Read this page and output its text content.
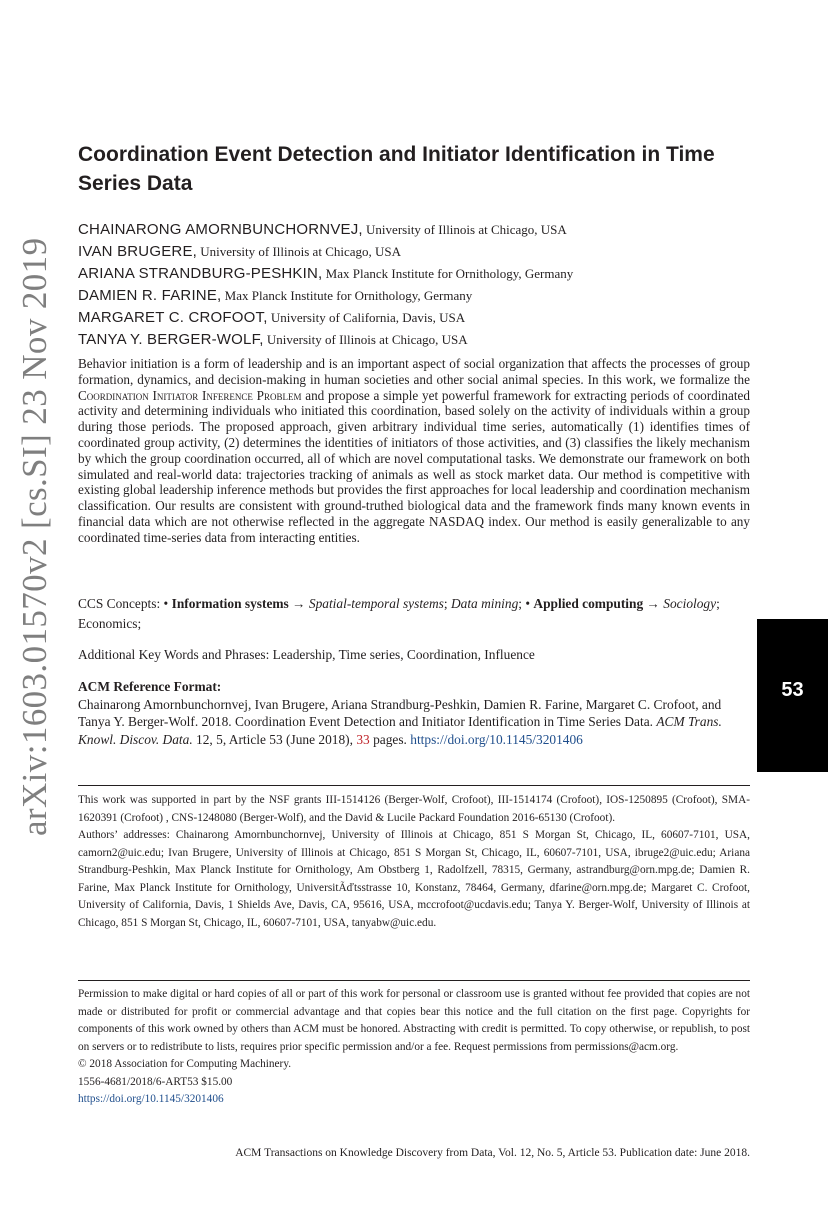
arXiv:1603.01570v2 [cs.SI] 23 Nov 2019	53
Coordination Event Detection and Initiator Identification in Time Series Data
CHAINARONG AMORNBUNCHORNVEJ, University of Illinois at Chicago, USA
IVAN BRUGERE, University of Illinois at Chicago, USA
ARIANA STRANDBURG-PESHKIN, Max Planck Institute for Ornithology, Germany
DAMIEN R. FARINE, Max Planck Institute for Ornithology, Germany
MARGARET C. CROFOOT, University of California, Davis, USA
TANYA Y. BERGER-WOLF, University of Illinois at Chicago, USA

Behavior initiation is a form of leadership and is an important aspect of social organization that affects the processes of group formation, dynamics, and decision-making in human societies and other social animal species. In this work, we formalize the Coordination Initiator Inference Problem and propose a simple yet powerful framework for extracting periods of coordinated activity and determining individuals who initiated this coordination, based solely on the activity of individuals within a group during those periods. The proposed approach, given arbitrary individual time series, automatically (1) identifies times of coordinated group activity, (2) determines the identities of initiators of those activities, and (3) classifies the likely mechanism by which the group coordination occurred, all of which are novel computational tasks. We demonstrate our framework on both simulated and real-world data: trajectories tracking of animals as well as stock market data. Our method is competitive with existing global leadership inference methods but provides the first approaches for local leadership and coordination mechanism classification. Our results are consistent with ground-truthed biological data and the framework finds many known events in financial data which are not otherwise reflected in the aggregate NASDAQ index. Our method is easily generalizable to any coordinated time-series data from interacting entities.

CCS Concepts: • Information systems → Spatial-temporal systems; Data mining; • Applied computing → Sociology; Economics;

Additional Key Words and Phrases: Leadership, Time series, Coordination, Influence

ACM Reference Format:
Chainarong Amornbunchornvej, Ivan Brugere, Ariana Strandburg-Peshkin, Damien R. Farine, Margaret C. Crofoot, and Tanya Y. Berger-Wolf. 2018. Coordination Event Detection and Initiator Identification in Time Series Data. ACM Trans. Knowl. Discov. Data. 12, 5, Article 53 (June 2018), 33 pages. https://doi.org/10.1145/3201406

This work was supported in part by the NSF grants III-1514126 (Berger-Wolf, Crofoot), III-1514174 (Crofoot), IOS-1250895 (Crofoot), SMA-1620391 (Crofoot) , CNS-1248080 (Berger-Wolf), and the David & Lucile Packard Foundation 2016-65130 (Crofoot).

Authors’ addresses: Chainarong Amornbunchornvej, University of Illinois at Chicago, 851 S Morgan St, Chicago, IL, 60607-7101, USA, camorn2@uic.edu; Ivan Brugere, University of Illinois at Chicago, 851 S Morgan St, Chicago, IL, 60607-7101, USA, ibruge2@uic.edu; Ariana Strandburg-Peshkin, Max Planck Institute for Ornithology, Am Obstberg 1, Radolfzell, 78315, Germany, astrandburg@orn.mpg.de; Damien R. Farine, Max Planck Institute for Ornithology, UniversitÃďtsstrasse 10, Konstanz, 78464, Germany, dfarine@orn.mpg.de; Margaret C. Crofoot, University of California, Davis, 1 Shields Ave, Davis, CA, 95616, USA, mccrofoot@ucdavis.edu; Tanya Y. Berger-Wolf, University of Illinois at Chicago, 851 S Morgan St, Chicago, IL, 60607-7101, USA, tanyabw@uic.edu.

Permission to make digital or hard copies of all or part of this work for personal or classroom use is granted without fee provided that copies are not made or distributed for profit or commercial advantage and that copies bear this notice and the full citation on the first page. Copyrights for components of this work owned by others than ACM must be honored. Abstracting with credit is permitted. To copy otherwise, or republish, to post on servers or to redistribute to lists, requires prior specific permission and/or a fee. Request permissions from permissions@acm.org.

© 2018 Association for Computing Machinery.

1556-4681/2018/6-ART53 $15.00

https://doi.org/10.1145/3201406

ACM Transactions on Knowledge Discovery from Data, Vol. 12, No. 5, Article 53. Publication date: June 2018.
